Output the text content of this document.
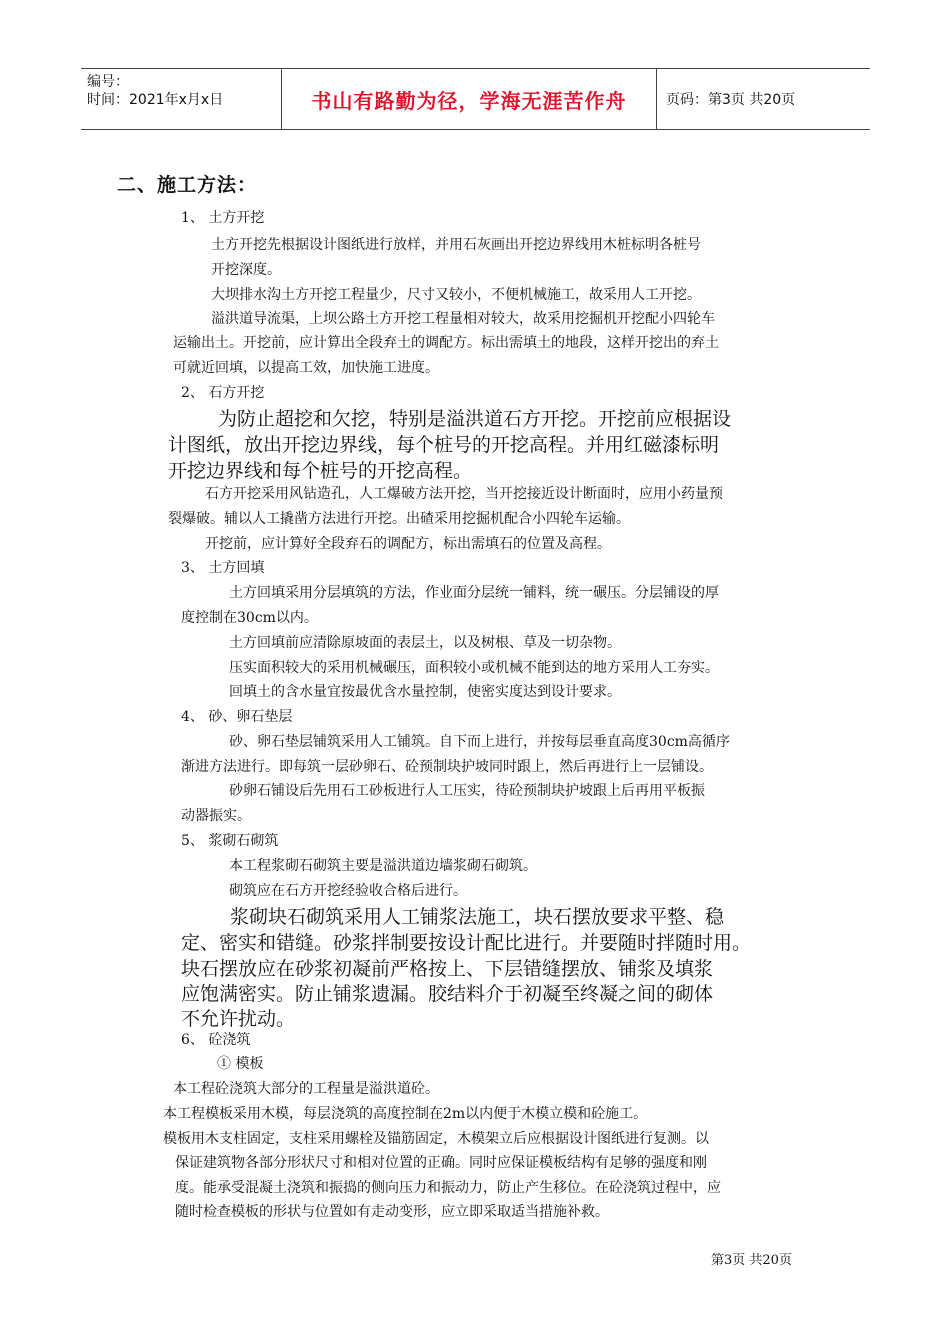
编号：
时间：2021年x月x日	书山有路勤为径，学海无涯苦作舟	页码：第3页 共20页
二、施工方法：
1、 土方开挖
土方开挖先根据设计图纸进行放样，并用石灰画出开挖边界线用木桩标明各桩号
开挖深度。
大坝排水沟土方开挖工程量少，尺寸又较小，不便机械施工，故采用人工开挖。
溢洪道导流渠，上坝公路土方开挖工程量相对较大，故采用挖掘机开挖配小四轮车
运输出土。开挖前，应计算出全段弃土的调配方。标出需填土的地段，这样开挖出的弃土
可就近回填，以提高工效，加快施工进度。
2、 石方开挖
为防止超挖和欠挖，特别是溢洪道石方开挖。开挖前应根据设
计图纸，放出开挖边界线，每个桩号的开挖高程。并用红磁漆标明
开挖边界线和每个桩号的开挖高程。
石方开挖采用风钻造孔，人工爆破方法开挖，当开挖接近设计断面时，应用小药量预
裂爆破。辅以人工撬凿方法进行开挖。出碴采用挖掘机配合小四轮车运输。
开挖前，应计算好全段弃石的调配方，标出需填石的位置及高程。
3、 土方回填
土方回填采用分层填筑的方法，作业面分层统一铺料，统一碾压。分层铺设的厚
度控制在30cm以内。
土方回填前应清除原坡面的表层土，以及树根、草及一切杂物。
压实面积较大的采用机械碾压，面积较小或机械不能到达的地方采用人工夯实。
回填土的含水量宜按最优含水量控制，使密实度达到设计要求。
4、 砂、卵石垫层
砂、卵石垫层铺筑采用人工铺筑。自下而上进行，并按每层垂直高度30cm高循序
渐进方法进行。即每筑一层砂卵石、砼预制块护坡同时跟上，然后再进行上一层铺设。
砂卵石铺设后先用石工砂板进行人工压实，待砼预制块护坡跟上后再用平板振
动器振实。
5、 浆砌石砌筑
本工程浆砌石砌筑主要是溢洪道边墙浆砌石砌筑。
砌筑应在石方开挖经验收合格后进行。
浆砌块石砌筑采用人工铺浆法施工，块石摆放要求平整、稳
定、密实和错缝。砂浆拌制要按设计配比进行。并要随时拌随时用。
块石摆放应在砂浆初凝前严格按上、下层错缝摆放、铺浆及填浆
应饱满密实。防止铺浆遗漏。胶结料介于初凝至终凝之间的砌体
不允许扰动。
6、 砼浇筑
① 模板
本工程砼浇筑大部分的工程量是溢洪道砼。
本工程模板采用木模，每层浇筑的高度控制在2m以内便于木模立模和砼施工。
模板用木支柱固定，支柱采用螺栓及锚筋固定，木模架立后应根据设计图纸进行复测。以
保证建筑物各部分形状尺寸和相对位置的正确。同时应保证模板结构有足够的强度和刚
度。能承受混凝土浇筑和振捣的侧向压力和振动力，防止产生移位。在砼浇筑过程中，应
随时检查模板的形状与位置如有走动变形，应立即采取适当措施补救。
第3页 共20页
